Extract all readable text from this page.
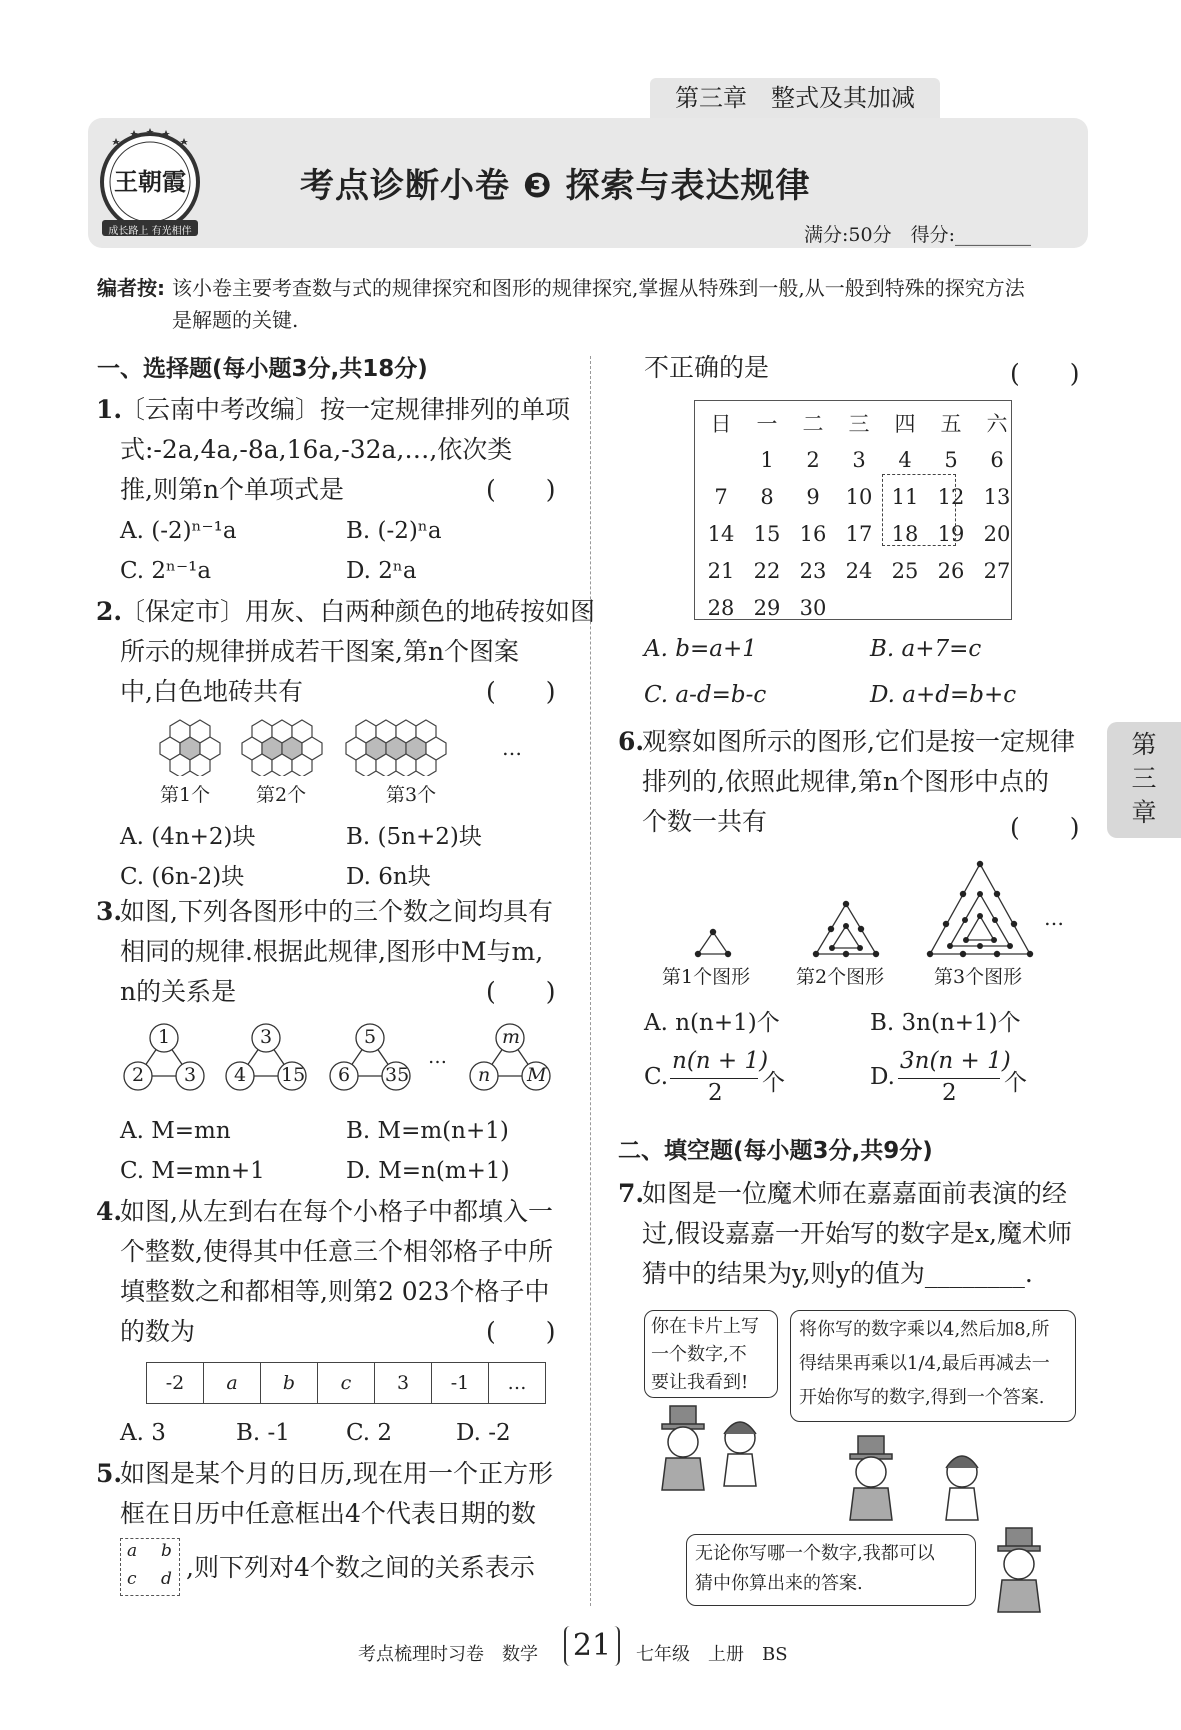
第三章　整式及其加减
王朝霞
成长路上 有光相伴
考点诊断小卷 ❸ 探索与表达规律
满分:50分　得分:________
编者按: 该小卷主要考查数与式的规律探究和图形的规律探究,掌握从特殊到一般,从一般到特殊的探究方法
是解题的关键.
第
三
章
一、选择题(每小题3分,共18分)
1.
〔云南中考改编〕按一定规律排列的单项
式:-2a,4a,-8a,16a,-32a,…,依次类
推,则第n个单项式是	(　　)
A. (-2)ⁿ⁻¹a	B. (-2)ⁿa
C. 2ⁿ⁻¹a	D. 2ⁿa
2.
〔保定市〕用灰、白两种颜色的地砖按如图
所示的规律拼成若干图案,第n个图案
中,白色地砖共有	(　　)
第1个 第2个	第3个
…
A. (4n+2)块	B. (5n+2)块
C. (6n-2)块	D. 6n块
3.
如图,下列各图形中的三个数之间均具有
相同的规律.根据此规律,图形中M与m,
n的关系是	(　　)
1
2 3
3
4 15
5
6 35
…
m
n M
A. M=mn	B. M=m(n+1)
C. M=mn+1	D. M=n(m+1)
4.
如图,从左到右在每个小格子中都填入一
个整数,使得其中任意三个相邻格子中所
填整数之和都相等,则第2 023个格子中
的数为	(　　)
-2	a	b	c	3	-1	…
A. 3	B. -1 C. 2	D. -2
5.
如图是某个月的日历,现在用一个正方形
框在日历中任意框出4个代表日期的数
a b
c d ,则下列对4个数之间的关系表示
不正确的是	(　　)
日	一	二	三	四	五	六
	1	2	3	4	5	6
7	8	9	10	11	12	13
14	15	16	17	18	19	20
21	22	23	24	25	26	27
28	29	30				
A. b=a+1	B. a+7=c
C. a-d=b-c	D. a+d=b+c
6.
观察如图所示的图形,它们是按一定规律
排列的,依照此规律,第n个图形中点的
个数一共有	(　　)
…
第1个图形 第2个图形	第3个图形
A. n(n+1)个	B. 3n(n+1)个
C.
n(n + 1)
2 个	D.
3n(n + 1)
2 个
二、填空题(每小题3分,共9分)
7.
如图是一位魔术师在嘉嘉面前表演的经
过,假设嘉嘉一开始写的数字是x,魔术师
猜中的结果为y,则y的值为________.
你在卡片上写
一个数字,不
要让我看到!
将你写的数字乘以4,然后加8,所
得结果再乘以1/4,最后再减去一
开始你写的数字,得到一个答案.
无论你写哪一个数字,我都可以
猜中你算出来的答案.
考点梳理时习卷　数学 21	七年级　上册　BS
